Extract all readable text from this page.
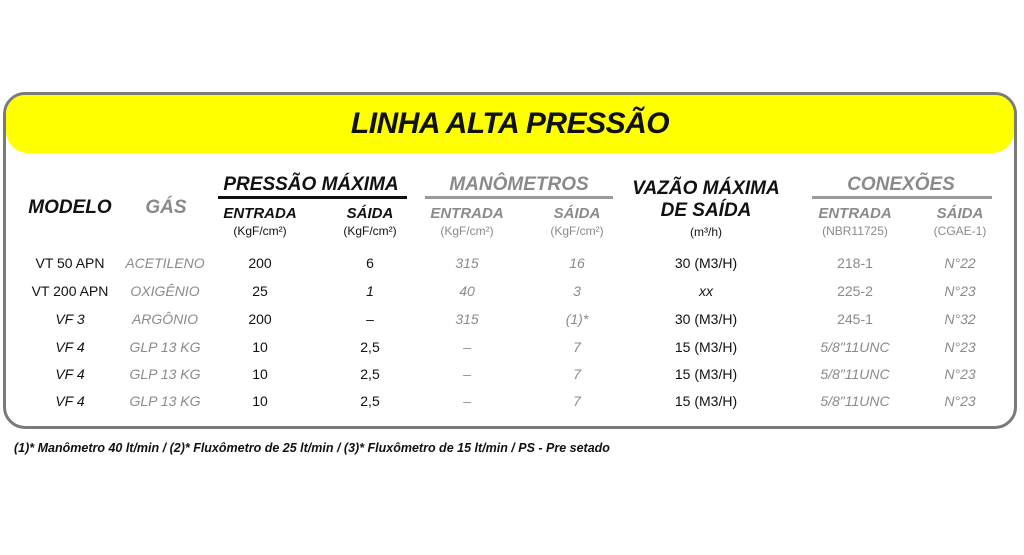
LINHA ALTA PRESSÃO
MODELO	GÁS
PRESSÃO MÁXIMA	MANÔMETROS	VAZÃO MÁXIMA
DE SAÍDA
(m³/h)
CONEXÕES
ENTRADA
(KgF/cm²)
SÁIDA
(KgF/cm²)
ENTRADA
(KgF/cm²)
SÁIDA
(KgF/cm²)
ENTRADA
(NBR11725)
SÁIDA
(CGAE-1)
VT 50 APN	ACETILENO	200	6	315	16	30 (M3/H)	218-1	N°22
VT 200 APN	OXIGÊNIO	25	1	40	3	xx	225-2	N°23
VF 3	ARGÔNIO	200	–	315	(1)*	30 (M3/H)	245-1	N°32
VF 4	GLP 13 KG	10	2,5	–	7	15 (M3/H)	5/8"11UNC	N°23
VF 4	GLP 13 KG	10	2,5	–	7	15 (M3/H)	5/8"11UNC	N°23
VF 4	GLP 13 KG	10	2,5	–	7	15 (M3/H)	5/8"11UNC	N°23
(1)* Manômetro 40 lt/min / (2)* Fluxômetro de 25 lt/min / (3)* Fluxômetro de 15 lt/min / PS - Pre setado
